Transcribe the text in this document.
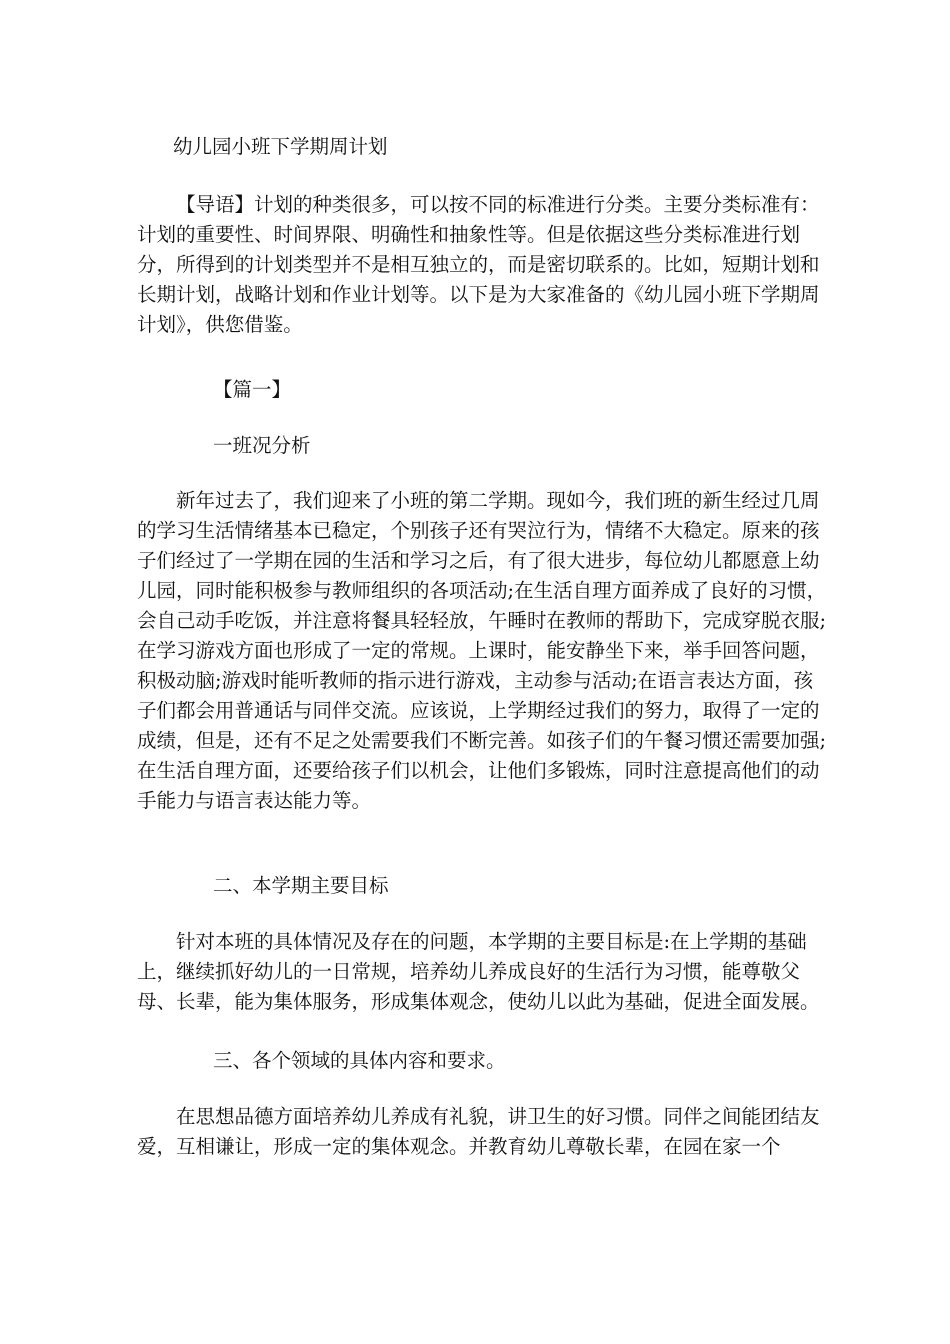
幼儿园小班下学期周计划

【导语】计划的种类很多，可以按不同的标准进行分类。主要分类标准有：计划的重要性、时间界限、明确性和抽象性等。但是依据这些分类标准进行划分，所得到的计划类型并不是相互独立的，而是密切联系的。比如，短期计划和长期计划，战略计划和作业计划等。以下是为大家准备的《幼儿园小班下学期周计划》，供您借鉴。

【篇一】
一班况分析

新年过去了，我们迎来了小班的第二学期。现如今，我们班的新生经过几周的学习生活情绪基本已稳定，个别孩子还有哭泣行为，情绪不大稳定。原来的孩子们经过了一学期在园的生活和学习之后，有了很大进步，每位幼儿都愿意上幼儿园，同时能积极参与教师组织的各项活动;在生活自理方面养成了良好的习惯，会自己动手吃饭，并注意将餐具轻轻放，午睡时在教师的帮助下，完成穿脱衣服;在学习游戏方面也形成了一定的常规。上课时，能安静坐下来，举手回答问题，积极动脑;游戏时能听教师的指示进行游戏，主动参与活动;在语言表达方面，孩子们都会用普通话与同伴交流。应该说，上学期经过我们的努力，取得了一定的成绩，但是，还有不足之处需要我们不断完善。如孩子们的午餐习惯还需要加强;在生活自理方面，还要给孩子们以机会，让他们多锻炼，同时注意提高他们的动手能力与语言表达能力等。

二、本学期主要目标

针对本班的具体情况及存在的问题，本学期的主要目标是:在上学期的基础上，继续抓好幼儿的一日常规，培养幼儿养成良好的生活行为习惯，能尊敬父母、长辈，能为集体服务，形成集体观念，使幼儿以此为基础，促进全面发展。

三、各个领域的具体内容和要求。

在思想品德方面培养幼儿养成有礼貌，讲卫生的好习惯。同伴之间能团结友爱，互相谦让，形成一定的集体观念。并教育幼儿尊敬长辈，在园在家一个
